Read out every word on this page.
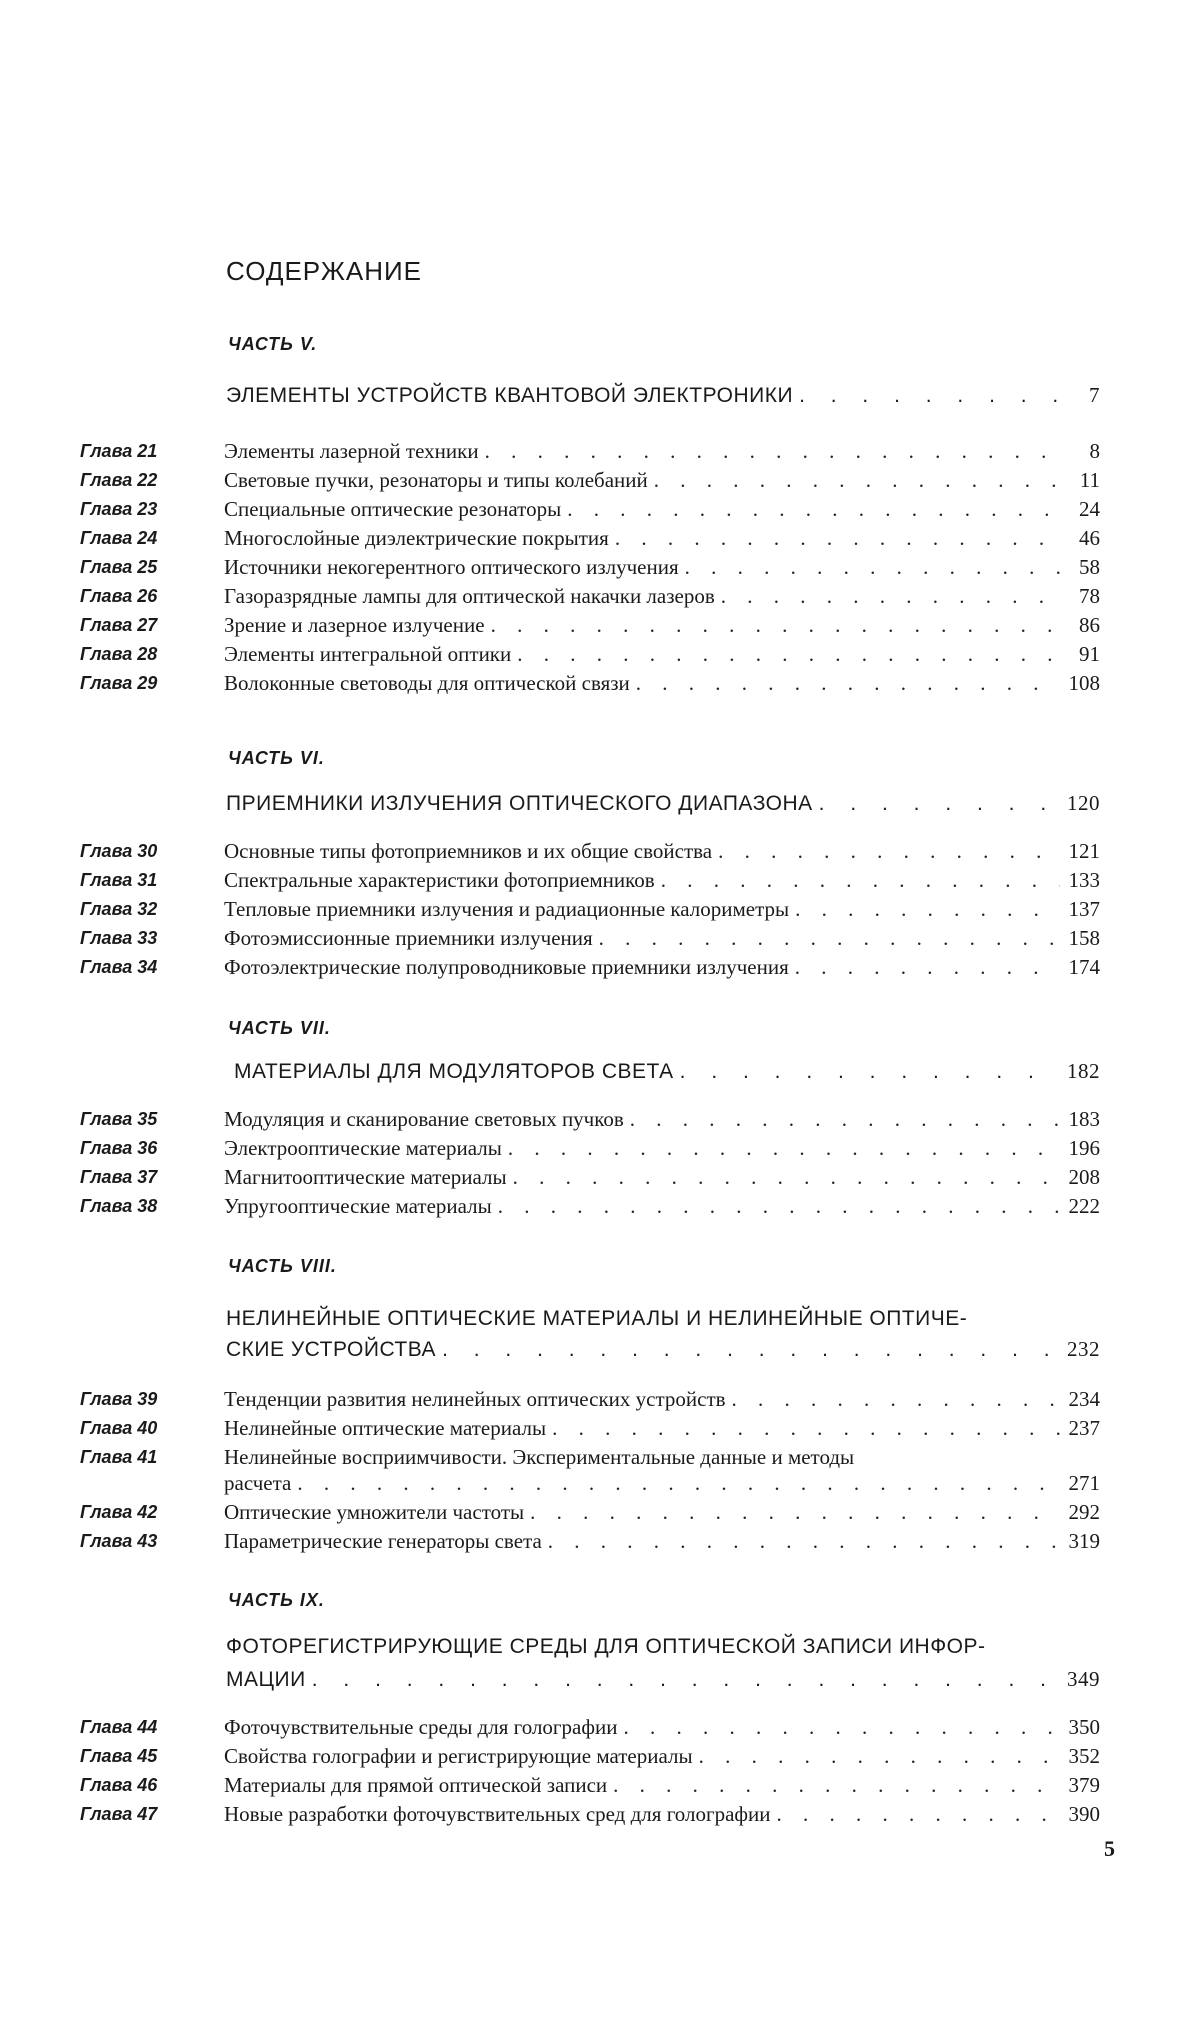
СОДЕРЖАНИЕ
ЧАСТЬ V.
ЭЛЕМЕНТЫ УСТРОЙСТВ КВАНТОВОЙ ЭЛЕКТРОНИКИ
. . .	7
Глава 21	Элементы лазерной техники
. . .	8
Глава 22	Световые пучки, резонаторы и типы колебаний
. . .	11
Глава 23	Специальные оптические резонаторы
. . .	24
Глава 24	Многослойные диэлектрические покрытия
. . .	46
Глава 25	Источники некогерентного оптического излучения
. . .	58
Глава 26	Газоразрядные лампы для оптической накачки лазеров
. . .	78
Глава 27	Зрение и лазерное излучение
. . .	86
Глава 28	Элементы интегральной оптики
. . .	91
Глава 29	Волоконные световоды для оптической связи
. . .	108
ЧАСТЬ VI.
ПРИЕМНИКИ ИЗЛУЧЕНИЯ ОПТИЧЕСКОГО ДИАПАЗОНА
. . .	120
Глава 30	Основные типы фотоприемников и их общие свойства
. . .	121
Глава 31	Спектральные характеристики фотоприемников
. . .	133
Глава 32	Тепловые приемники излучения и радиационные калориметры
. . .	137
Глава 33	Фотоэмиссионные приемники излучения
. . .	158
Глава 34	Фотоэлектрические полупроводниковые приемники излучения
. . .	174
ЧАСТЬ VII.
МАТЕРИАЛЫ ДЛЯ МОДУЛЯТОРОВ СВЕТА
. . .	182
Глава 35	Модуляция и сканирование световых пучков
. . .	183
Глава 36	Электрооптические материалы
. . .	196
Глава 37	Магнитооптические материалы
. . .	208
Глава 38	Упругооптические материалы
. . .	222
ЧАСТЬ VIII.
НЕЛИНЕЙНЫЕ ОПТИЧЕСКИЕ МАТЕРИАЛЫ И НЕЛИНЕЙНЫЕ ОПТИЧЕ-
СКИЕ УСТРОЙСТВА
. . .	232
Глава 39	Тенденции развития нелинейных оптических устройств
. . .	234
Глава 40	Нелинейные оптические материалы
. . .	237
Глава 41	Нелинейные восприимчивости. Экспериментальные данные и методы
расчета
. . .	271
Глава 42	Оптические умножители частоты
. . .	292
Глава 43	Параметрические генераторы света
. . .	319
ЧАСТЬ IX.
ФОТОРЕГИСТРИРУЮЩИЕ СРЕДЫ ДЛЯ ОПТИЧЕСКОЙ ЗАПИСИ ИНФОР-
МАЦИИ
. . .	349
Глава 44	Фоточувствительные среды для голографии
. . .	350
Глава 45	Свойства голографии и регистрирующие материалы
. . .	352
Глава 46	Материалы для прямой оптической записи
. . .	379
Глава 47	Новые разработки фоточувствительных сред для голографии
. . .	390
5
